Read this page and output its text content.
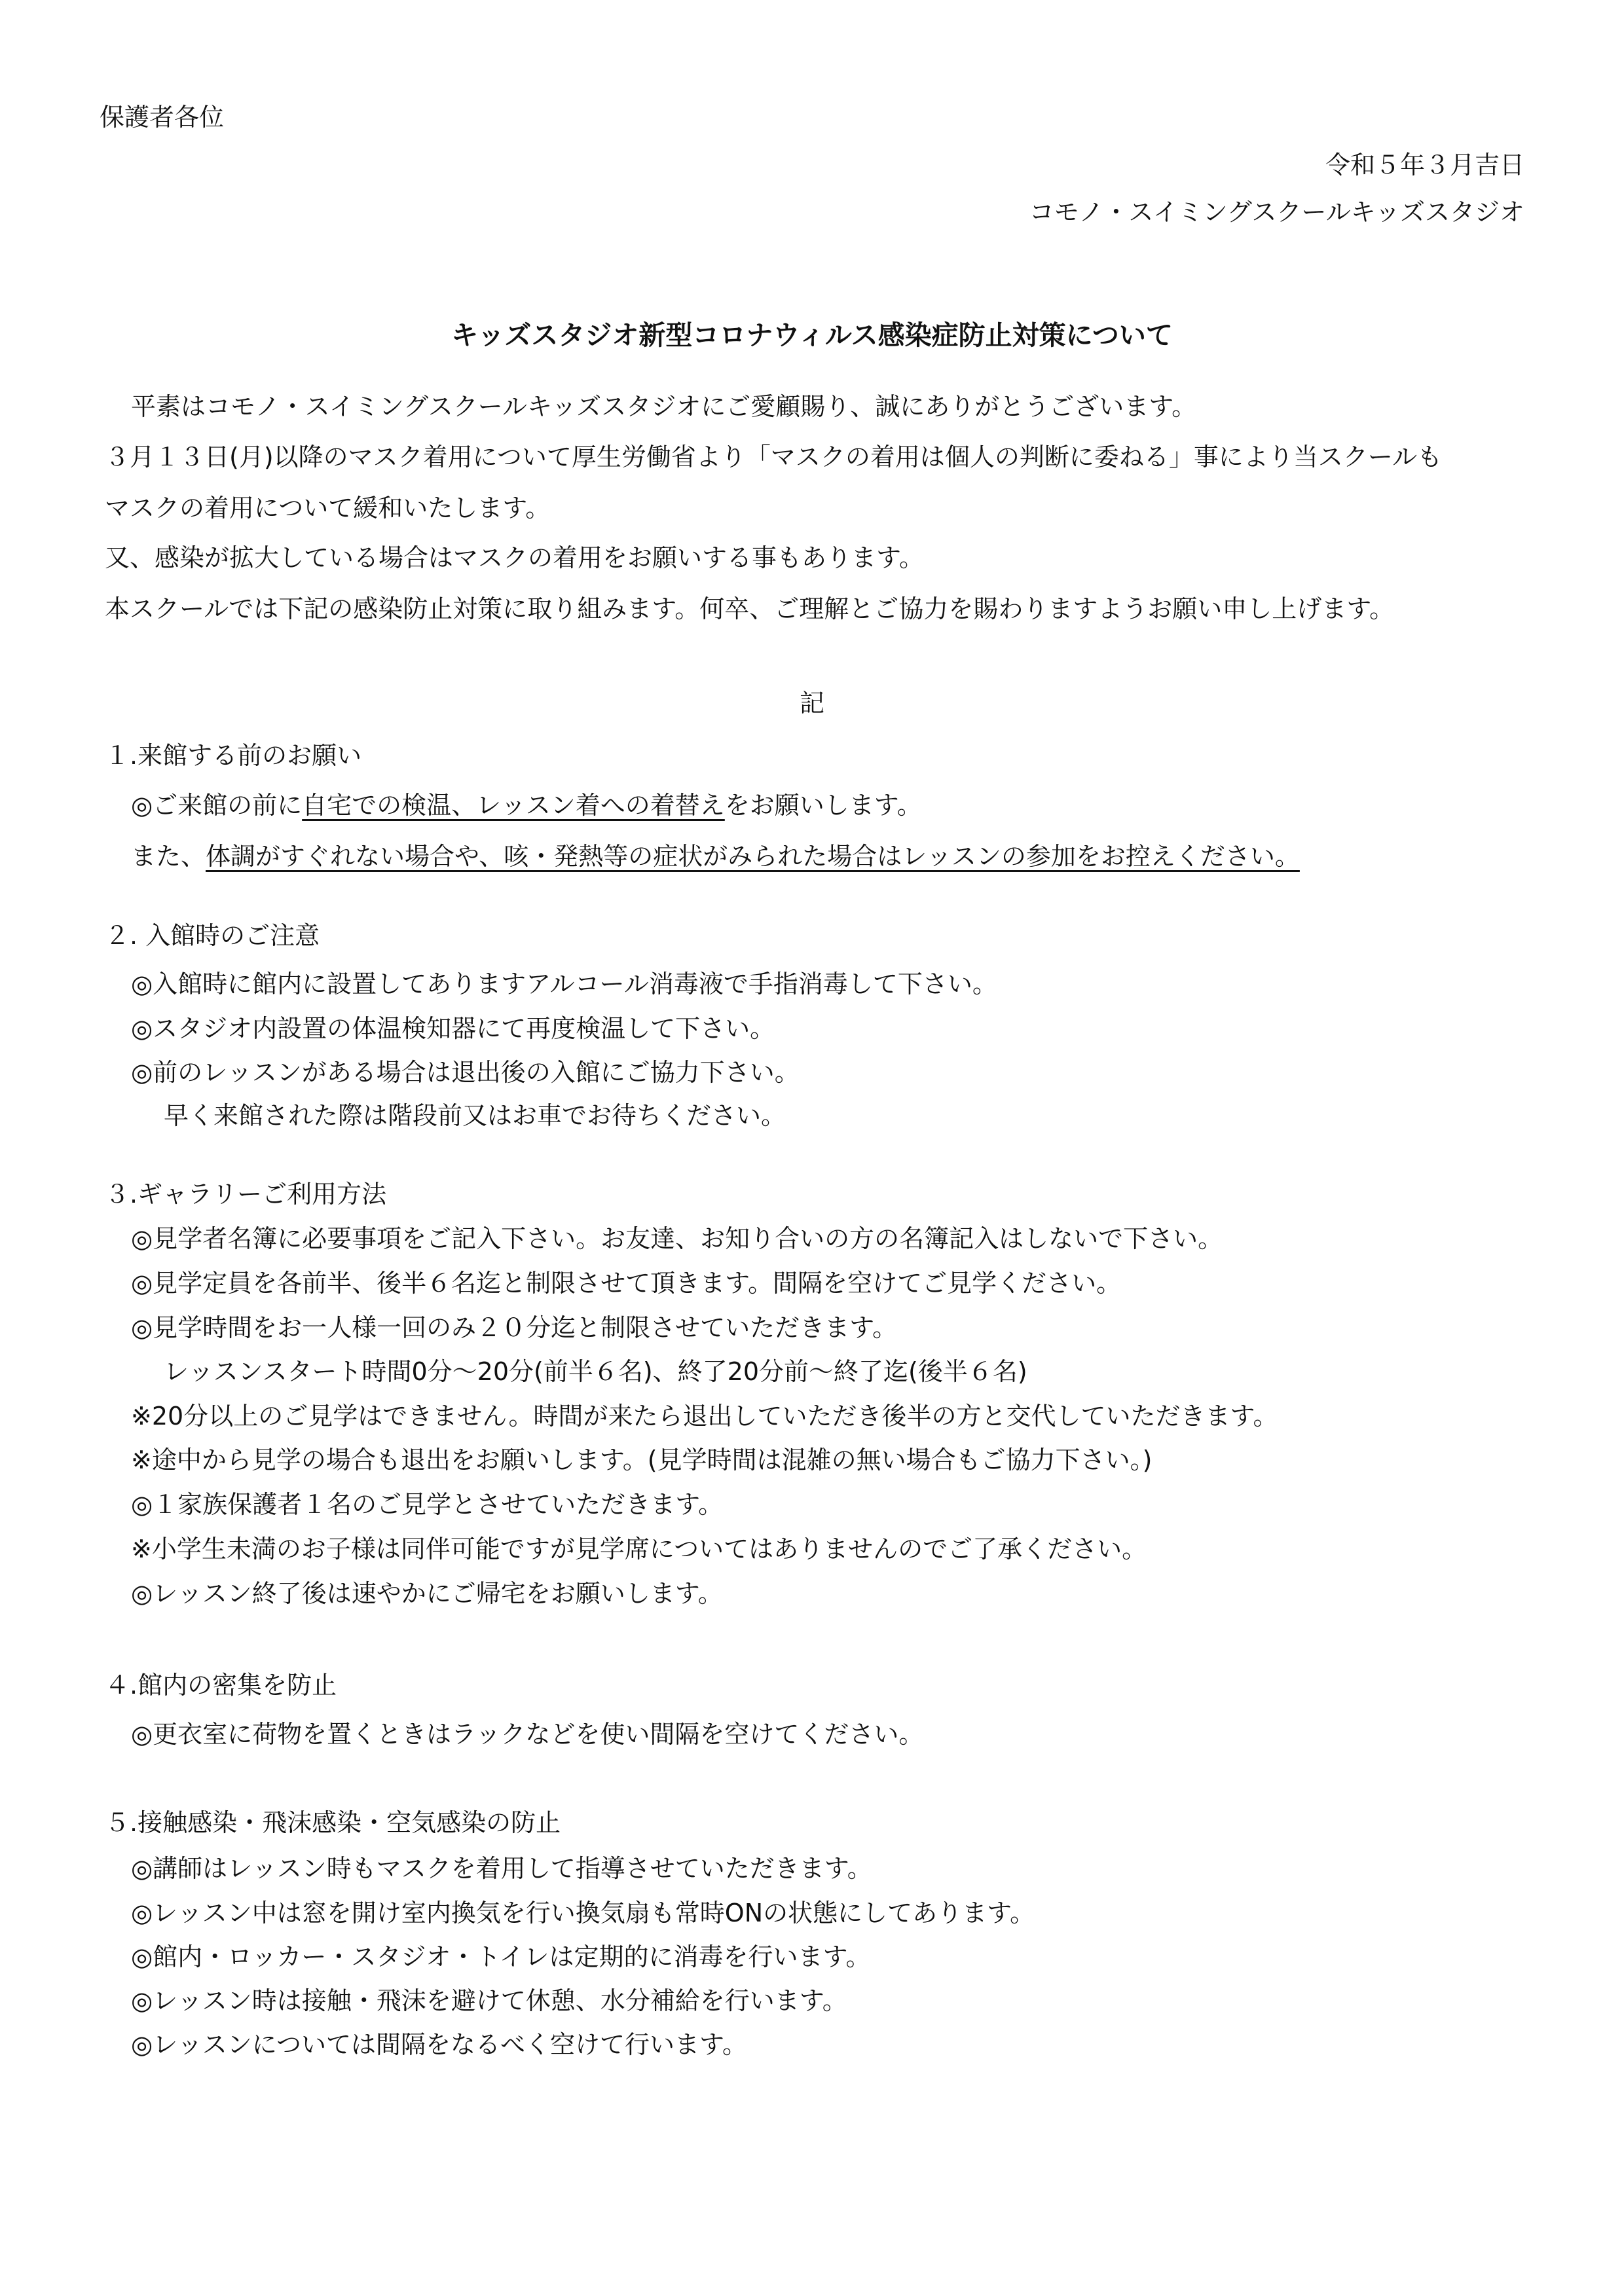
保護者各位
令和５年３月吉日
コモノ・スイミングスクールキッズスタジオ
キッズスタジオ新型コロナウィルス感染症防止対策について
平素はコモノ・スイミングスクールキッズスタジオにご愛顧賜り、誠にありがとうございます。
３月１３日(月)以降のマスク着用について厚生労働省より「マスクの着用は個人の判断に委ねる」事により当スクールも
マスクの着用について緩和いたします。
又、感染が拡大している場合はマスクの着用をお願いする事もあります。
本スクールでは下記の感染防止対策に取り組みます。何卒、ご理解とご協力を賜わりますようお願い申し上げます。
記
１.来館する前のお願い
◎ご来館の前に自宅での検温、レッスン着への着替えをお願いします。
また、体調がすぐれない場合や、咳・発熱等の症状がみられた場合はレッスンの参加をお控えください。
２. 入館時のご注意
◎入館時に館内に設置してありますアルコール消毒液で手指消毒して下さい。
◎スタジオ内設置の体温検知器にて再度検温して下さい。
◎前のレッスンがある場合は退出後の入館にご協力下さい。
早く来館された際は階段前又はお車でお待ちください。
３.ギャラリーご利用方法
◎見学者名簿に必要事項をご記入下さい。お友達、お知り合いの方の名簿記入はしないで下さい。
◎見学定員を各前半、後半６名迄と制限させて頂きます。間隔を空けてご見学ください。
◎見学時間をお一人様一回のみ２０分迄と制限させていただきます。
レッスンスタート時間0分～20分(前半６名)、終了20分前～終了迄(後半６名)
※20分以上のご見学はできません。時間が来たら退出していただき後半の方と交代していただきます。
※途中から見学の場合も退出をお願いします。(見学時間は混雑の無い場合もご協力下さい。)
◎１家族保護者１名のご見学とさせていただきます。
※小学生未満のお子様は同伴可能ですが見学席についてはありませんのでご了承ください。
◎レッスン終了後は速やかにご帰宅をお願いします。
４.館内の密集を防止
◎更衣室に荷物を置くときはラックなどを使い間隔を空けてください。
５.接触感染・飛沫感染・空気感染の防止
◎講師はレッスン時もマスクを着用して指導させていただきます。
◎レッスン中は窓を開け室内換気を行い換気扇も常時ONの状態にしてあります。
◎館内・ロッカー・スタジオ・トイレは定期的に消毒を行います。
◎レッスン時は接触・飛沫を避けて休憩、水分補給を行います。
◎レッスンについては間隔をなるべく空けて行います。
